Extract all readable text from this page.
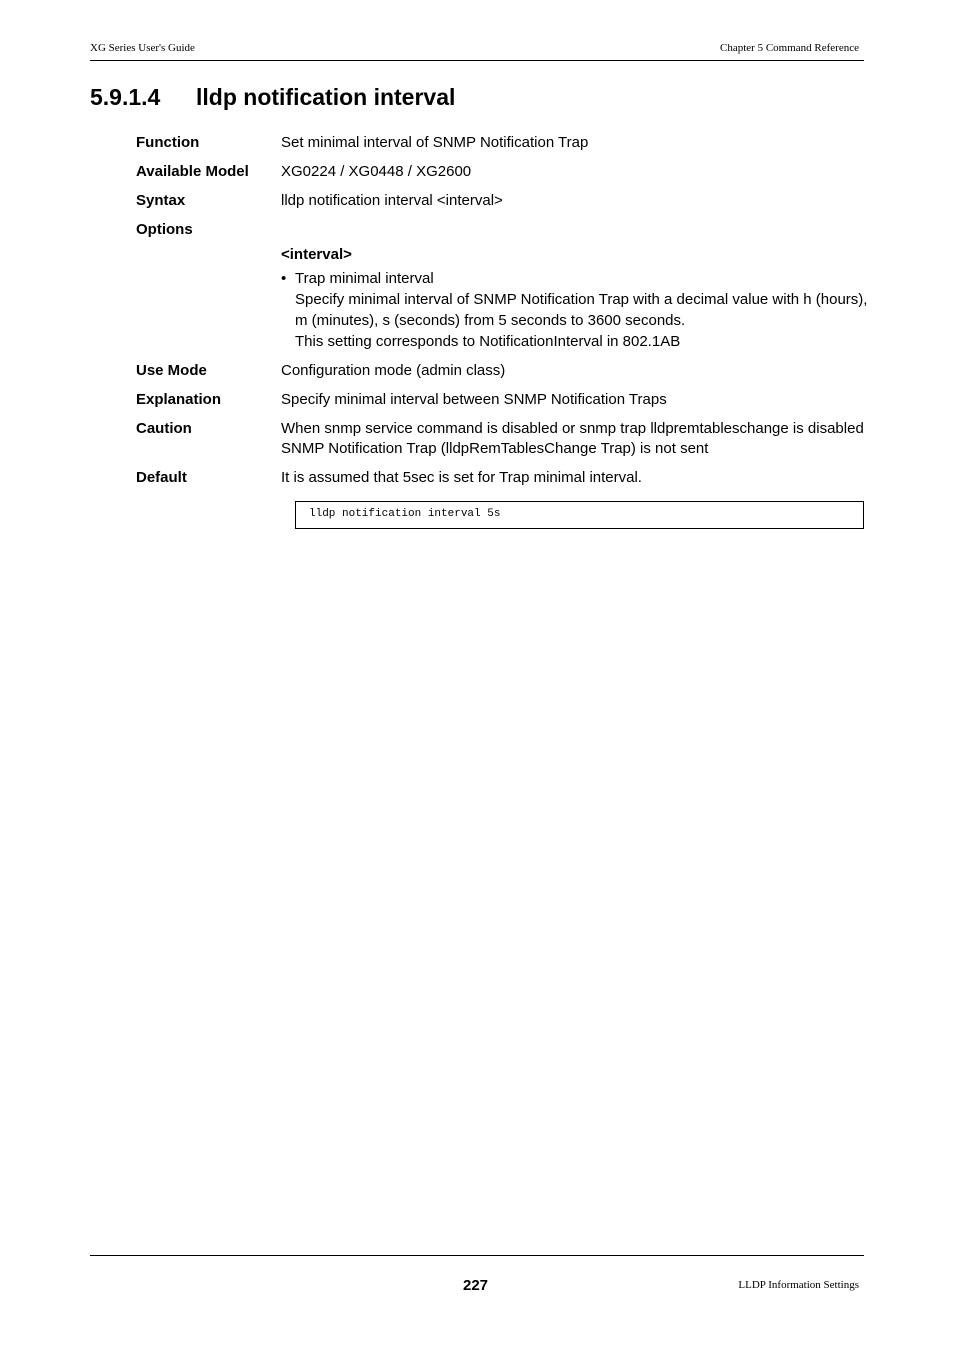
XG Series User's Guide	Chapter 5 Command Reference
5.9.1.4 lldp notification interval
Function	Set minimal interval of SNMP Notification Trap
Available Model XG0224 / XG0448 / XG2600
Syntax	lldp notification interval <interval>
Options
<interval>
• Trap minimal interval
Specify minimal interval of SNMP Notification Trap with a decimal value with h (hours),
m (minutes), s (seconds) from 5 seconds to 3600 seconds.
This setting corresponds to NotificationInterval in 802.1AB
Use Mode	Configuration mode (admin class)
Explanation	Specify minimal interval between SNMP Notification Traps
Caution	When snmp service command is disabled or snmp trap lldpremtableschange is disabled
SNMP Notification Trap (lldpRemTablesChange Trap) is not sent
Default	It is assumed that 5sec is set for Trap minimal interval.
lldp notification interval 5s
227	LLDP Information Settings
